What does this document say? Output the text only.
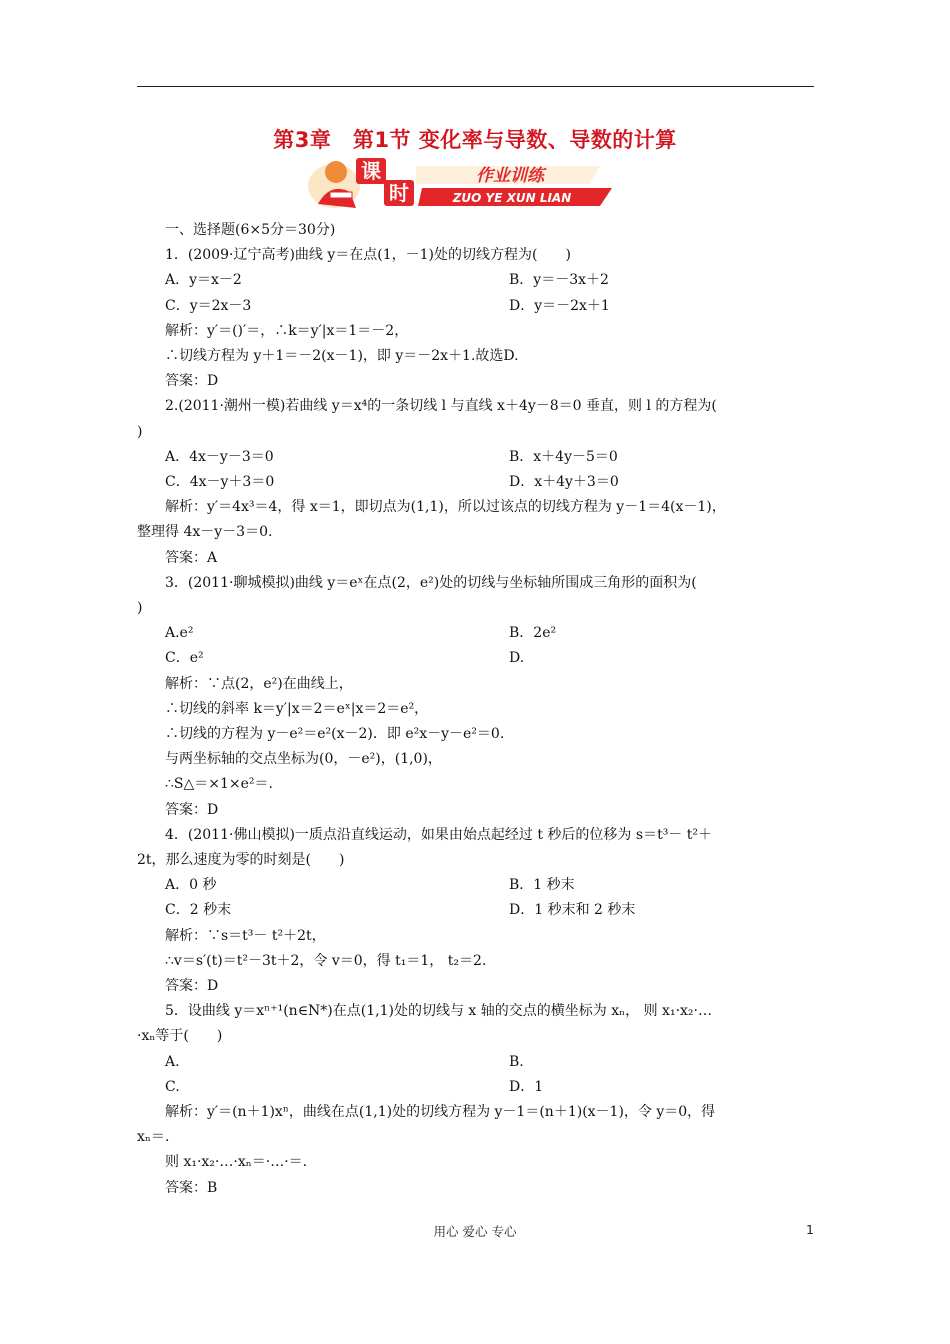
第3章　第1节 变化率与导数、导数的计算
课
时
作业训练
ZUO YE XUN LIAN

一、选择题(6×5分＝30分)

1．(2009·辽宁高考)曲线 y＝在点(1，－1)处的切线方程为(　　)

A．y＝x－2	B．y＝－3x＋2
C．y＝2x－3	D．y＝－2x＋1

解析：y′＝()′＝，∴k＝y′|x＝1＝－2，

∴切线方程为 y＋1＝－2(x－1)，即 y＝－2x＋1.故选D.

答案：D

2.(2011·潮州一模)若曲线 y＝x⁴的一条切线 l 与直线 x＋4y－8＝0 垂直，则 l 的方程为(

)

A．4x－y－3＝0	B．x＋4y－5＝0
C．4x－y＋3＝0	D．x＋4y＋3＝0

解析：y′＝4x³＝4，得 x＝1，即切点为(1,1)，所以过该点的切线方程为 y－1＝4(x－1)，

整理得 4x－y－3＝0.

答案：A

3．(2011·聊城模拟)曲线 y＝eˣ在点(2，e²)处的切线与坐标轴所围成三角形的面积为(

)

A.e²	B．2e²
C．e²	D.

解析：∵点(2，e²)在曲线上，

∴切线的斜率 k＝y′|x＝2＝eˣ|x＝2＝e²，

∴切线的方程为 y－e²＝e²(x－2)．即 e²x－y－e²＝0.

与两坐标轴的交点坐标为(0，－e²)，(1,0)，

∴S△＝×1×e²＝.

答案：D

4．(2011·佛山模拟)一质点沿直线运动，如果由始点起经过 t 秒后的位移为 s＝t³－ t²＋

2t，那么速度为零的时刻是(　　)

A．0 秒	B．1 秒末
C．2 秒末	D．1 秒末和 2 秒末

解析：∵s＝t³－ t²＋2t，

∴v＝s′(t)＝t²－3t＋2，令 v＝0，得 t₁＝1， t₂＝2.

答案：D

5．设曲线 y＝xⁿ⁺¹(n∈N*)在点(1,1)处的切线与 x 轴的交点的横坐标为 xₙ， 则 x₁·x₂·…

·xₙ等于(　　)

A.	B.
C.	D．1

解析：y′＝(n＋1)xⁿ，曲线在点(1,1)处的切线方程为 y－1＝(n＋1)(x－1)，令 y＝0，得

xₙ＝.

则 x₁·x₂·…·xₙ＝·…·＝.

答案：B

用心 爱心 专心	1
